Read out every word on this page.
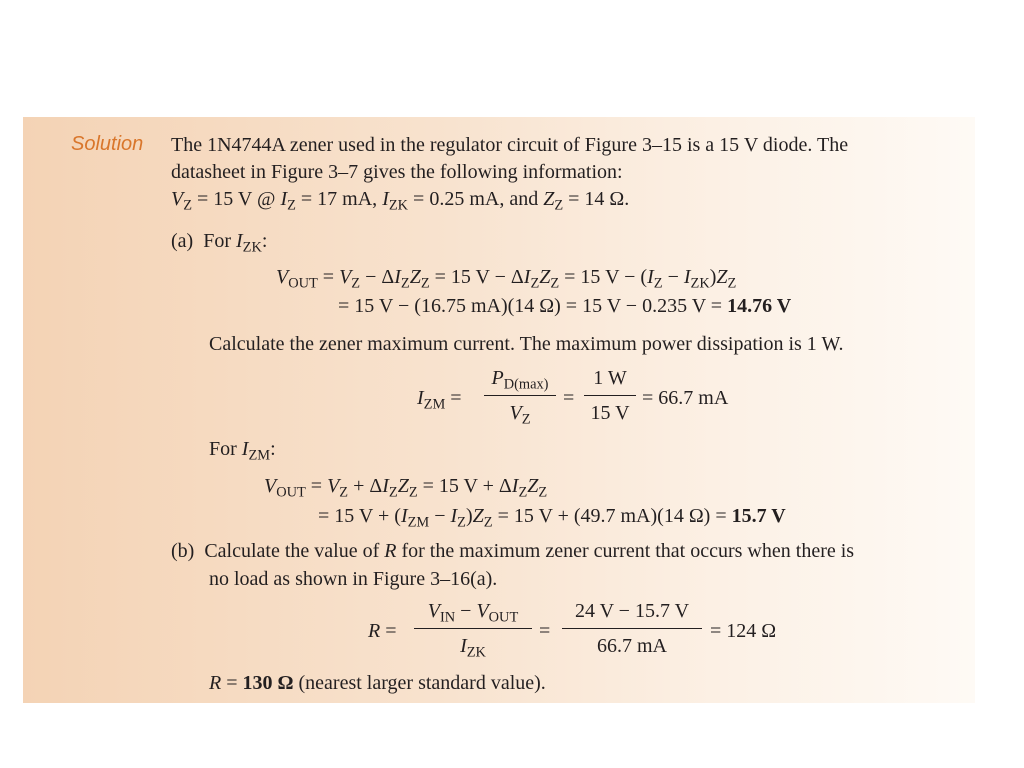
Solution The 1N4744A zener used in the regulator circuit of Figure 3–15 is a 15 V diode. The
datasheet in Figure 3–7 gives the following information:
$V_Z = 15$ V @ $I_Z = 17$ mA, $I_{ZK} = 0.25$ mA, and $Z_Z = 14$ Ω.
(a)  For $I_{ZK}$:
$V_{OUT} = V_Z - \Delta I_ZZ_Z = 15$ $V - \Delta I_ZZ_Z = 15$ $V - (I_Z - I_{ZK})Z_Z$
= 15 V − (16.75 mA)(14 Ω) = 15 V − 0.235 V = 14.76 V
Calculate the zener maximum current. The maximum power dissipation is 1 W.
$I_{ZM}$ =
$P_{D(max)}$
$V_Z$
=
1 W
15 V
= 66.7 mA
For $I_{ZM}$:
$V_{OUT} = V_Z + \Delta I_ZZ_Z = 15$ $V + \Delta I_ZZ_Z$
= 15 $V + (I_{ZM} - I_Z)Z_Z = 15$ V + (49.7 mA)(14 Ω) = 15.7 V
(b)  Calculate the value of R for the maximum zener current that occurs when there is
no load as shown in Figure 3–16(a).
R =
$V_{IN} - V_{OUT}$
$I_{ZK}$
=
24 V − 15.7 V
66.7 mA
= 124 Ω
R = 130 Ω (nearest larger standard value).
